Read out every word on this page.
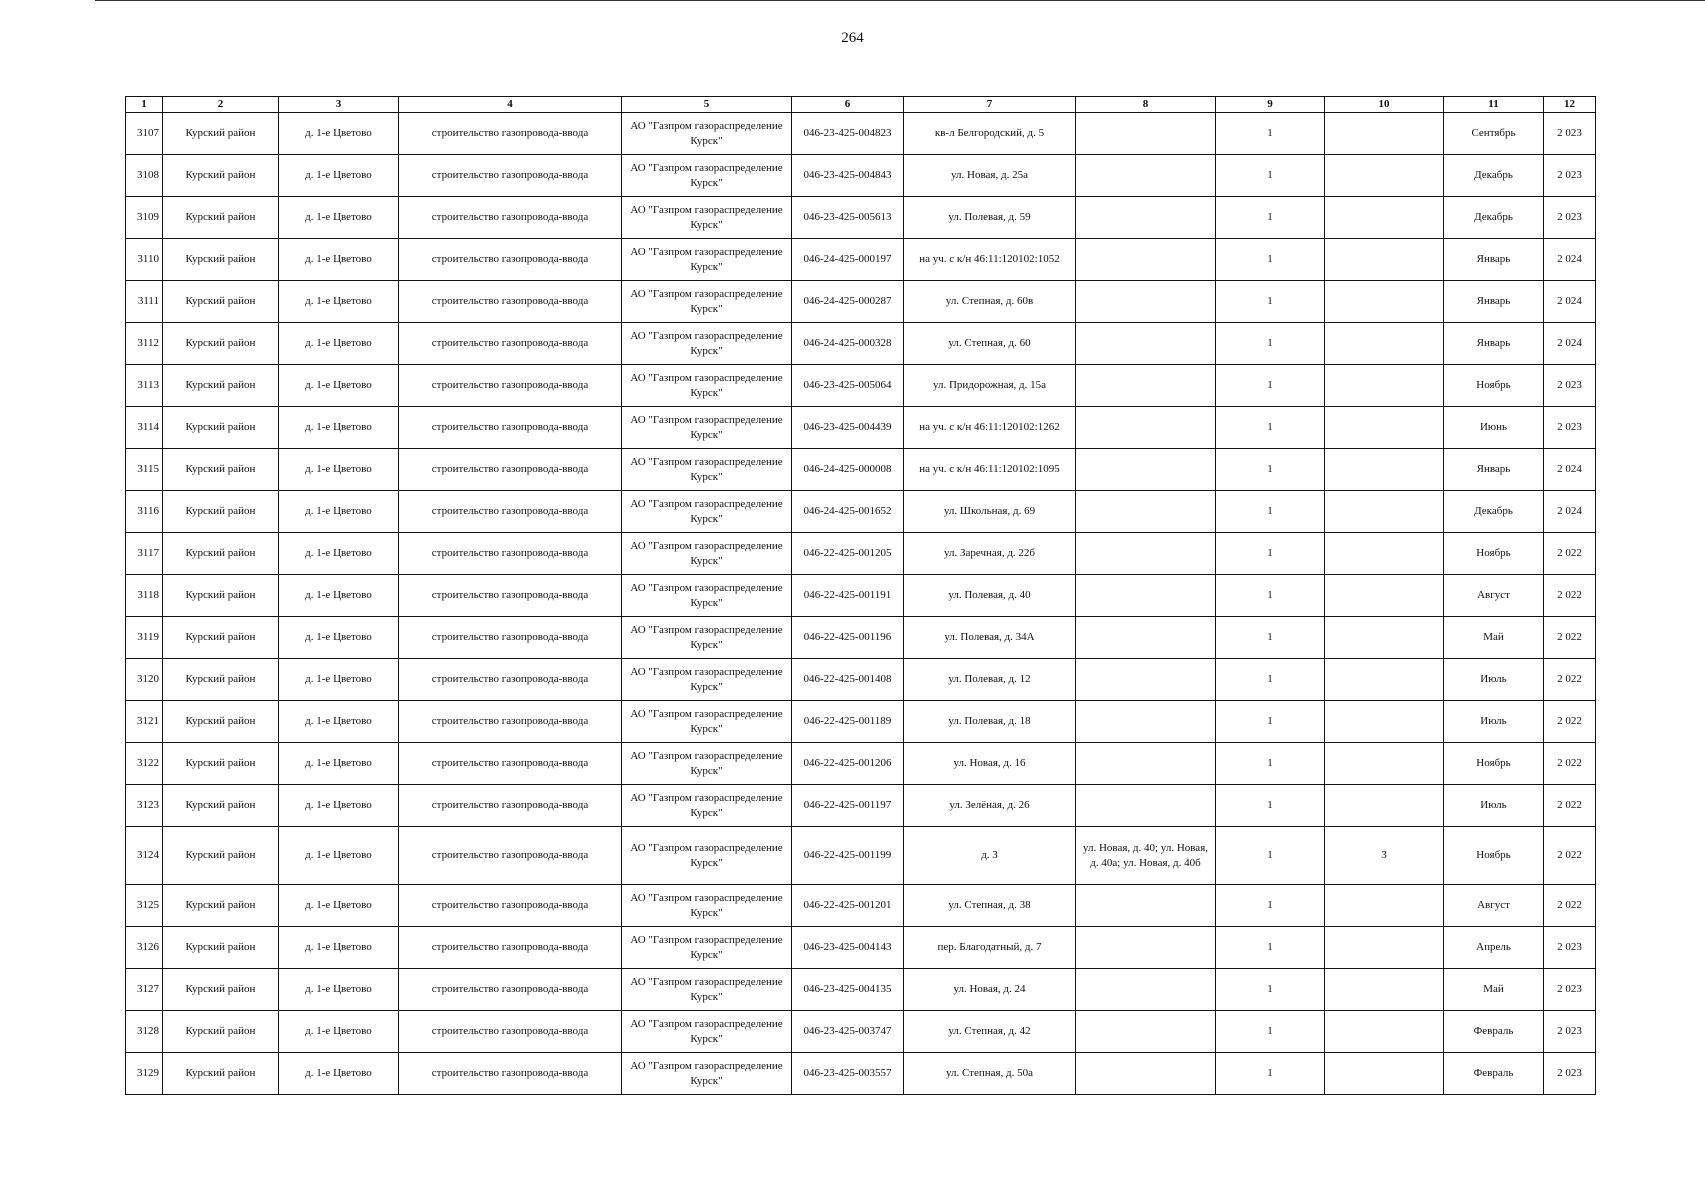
264
1	2	3	4	5	6	7	8	9	10	11	12
3107	Курский район	д. 1-е Цветово	строительство газопровода-ввода	АО "Газпром газораспределение Курск"	046-23-425-004823	кв-л Белгородский, д. 5		1		Сентябрь	2 023
3108	Курский район	д. 1-е Цветово	строительство газопровода-ввода	АО "Газпром газораспределение Курск"	046-23-425-004843	ул. Новая, д. 25а		1		Декабрь	2 023
3109	Курский район	д. 1-е Цветово	строительство газопровода-ввода	АО "Газпром газораспределение Курск"	046-23-425-005613	ул. Полевая, д. 59		1		Декабрь	2 023
3110	Курский район	д. 1-е Цветово	строительство газопровода-ввода	АО "Газпром газораспределение Курск"	046-24-425-000197	на уч. с к/н 46:11:120102:1052		1		Январь	2 024
3111	Курский район	д. 1-е Цветово	строительство газопровода-ввода	АО "Газпром газораспределение Курск"	046-24-425-000287	ул. Степная, д. 60в		1		Январь	2 024
3112	Курский район	д. 1-е Цветово	строительство газопровода-ввода	АО "Газпром газораспределение Курск"	046-24-425-000328	ул. Степная, д. 60		1		Январь	2 024
3113	Курский район	д. 1-е Цветово	строительство газопровода-ввода	АО "Газпром газораспределение Курск"	046-23-425-005064	ул. Придорожная, д. 15а		1		Ноябрь	2 023
3114	Курский район	д. 1-е Цветово	строительство газопровода-ввода	АО "Газпром газораспределение Курск"	046-23-425-004439	на уч. с к/н 46:11:120102:1262		1		Июнь	2 023
3115	Курский район	д. 1-е Цветово	строительство газопровода-ввода	АО "Газпром газораспределение Курск"	046-24-425-000008	на уч. с к/н 46:11:120102:1095		1		Январь	2 024
3116	Курский район	д. 1-е Цветово	строительство газопровода-ввода	АО "Газпром газораспределение Курск"	046-24-425-001652	ул. Школьная, д. 69		1		Декабрь	2 024
3117	Курский район	д. 1-е Цветово	строительство газопровода-ввода	АО "Газпром газораспределение Курск"	046-22-425-001205	ул. Заречная, д. 22б		1		Ноябрь	2 022
3118	Курский район	д. 1-е Цветово	строительство газопровода-ввода	АО "Газпром газораспределение Курск"	046-22-425-001191	ул. Полевая, д. 40		1		Август	2 022
3119	Курский район	д. 1-е Цветово	строительство газопровода-ввода	АО "Газпром газораспределение Курск"	046-22-425-001196	ул. Полевая, д. 34А		1		Май	2 022
3120	Курский район	д. 1-е Цветово	строительство газопровода-ввода	АО "Газпром газораспределение Курск"	046-22-425-001408	ул. Полевая, д. 12		1		Июль	2 022
3121	Курский район	д. 1-е Цветово	строительство газопровода-ввода	АО "Газпром газораспределение Курск"	046-22-425-001189	ул. Полевая, д. 18		1		Июль	2 022
3122	Курский район	д. 1-е Цветово	строительство газопровода-ввода	АО "Газпром газораспределение Курск"	046-22-425-001206	ул. Новая, д. 16		1		Ноябрь	2 022
3123	Курский район	д. 1-е Цветово	строительство газопровода-ввода	АО "Газпром газораспределение Курск"	046-22-425-001197	ул. Зелёная, д. 26		1		Июль	2 022
3124	Курский район	д. 1-е Цветово	строительство газопровода-ввода	АО "Газпром газораспределение Курск"	046-22-425-001199	д. 3	ул. Новая, д. 40; ул. Новая, д. 40а; ул. Новая, д. 40б	1	3	Ноябрь	2 022
3125	Курский район	д. 1-е Цветово	строительство газопровода-ввода	АО "Газпром газораспределение Курск"	046-22-425-001201	ул. Степная, д. 38		1		Август	2 022
3126	Курский район	д. 1-е Цветово	строительство газопровода-ввода	АО "Газпром газораспределение Курск"	046-23-425-004143	пер. Благодатный, д. 7		1		Апрель	2 023
3127	Курский район	д. 1-е Цветово	строительство газопровода-ввода	АО "Газпром газораспределение Курск"	046-23-425-004135	ул. Новая, д. 24		1		Май	2 023
3128	Курский район	д. 1-е Цветово	строительство газопровода-ввода	АО "Газпром газораспределение Курск"	046-23-425-003747	ул. Степная, д. 42		1		Февраль	2 023
3129	Курский район	д. 1-е Цветово	строительство газопровода-ввода	АО "Газпром газораспределение Курск"	046-23-425-003557	ул. Степная, д. 50а		1		Февраль	2 023
